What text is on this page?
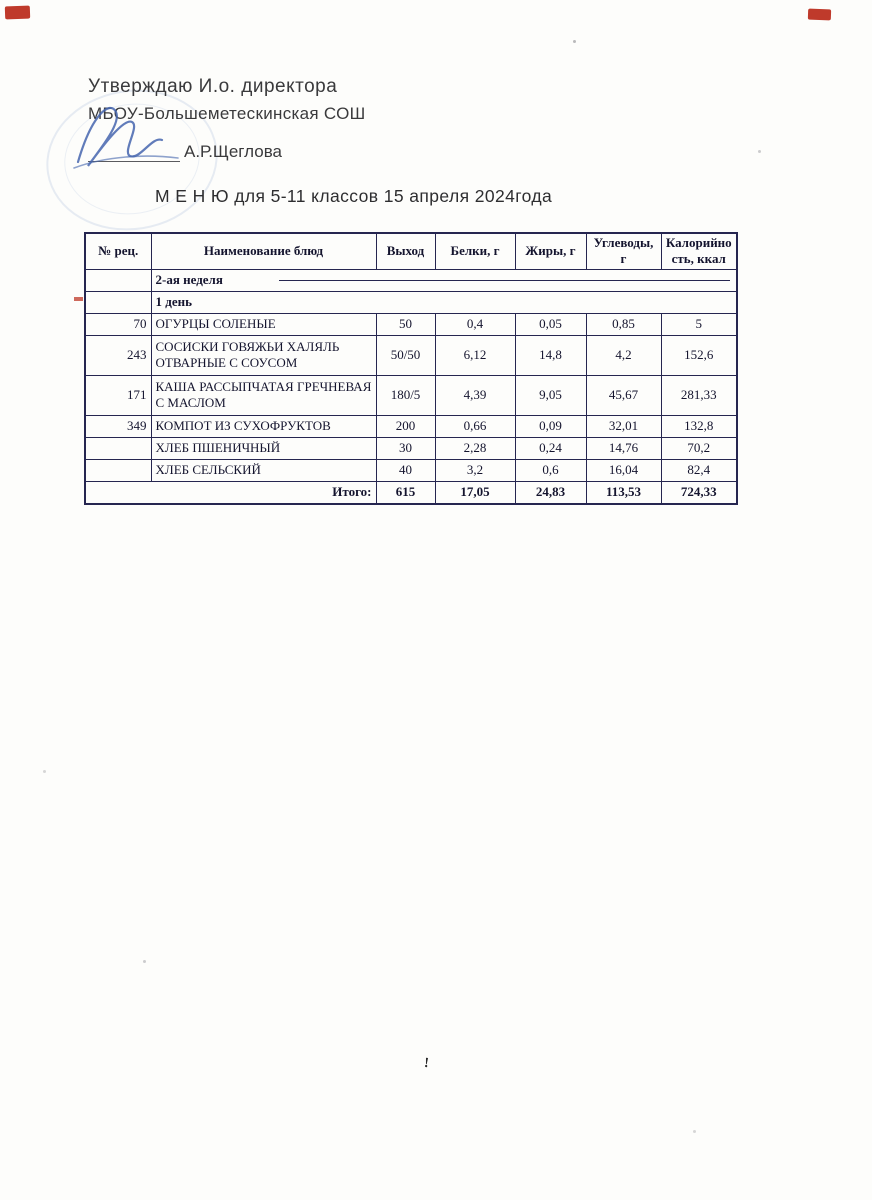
Утверждаю И.о. директора
МБОУ-Большеметескинская СОШ
А.Р.Щеглова
М Е Н Ю для 5-11 классов 15 апреля 2024года
№ рец.	Наименование блюд	Выход	Белки, г	Жиры, г	Углеводы, г	Калорийно сть, ккал

	2-ая неделя					

	1 день					
70	ОГУРЦЫ СОЛЕНЫЕ	50	0,4	0,05	0,85	5
243	СОСИСКИ ГОВЯЖЬИ ХАЛЯЛЬ ОТВАРНЫЕ С СОУСОМ	50/50	6,12	14,8	4,2	152,6
171	КАША РАССЫПЧАТАЯ ГРЕЧНЕВАЯ С МАСЛОМ	180/5	4,39	9,05	45,67	281,33
349	КОМПОТ ИЗ СУХОФРУКТОВ	200	0,66	0,09	32,01	132,8
	ХЛЕБ ПШЕНИЧНЫЙ	30	2,28	0,24	14,76	70,2
	ХЛЕБ СЕЛЬСКИЙ	40	3,2	0,6	16,04	82,4
Итого:		615	17,05	24,83	113,53	724,33
!
